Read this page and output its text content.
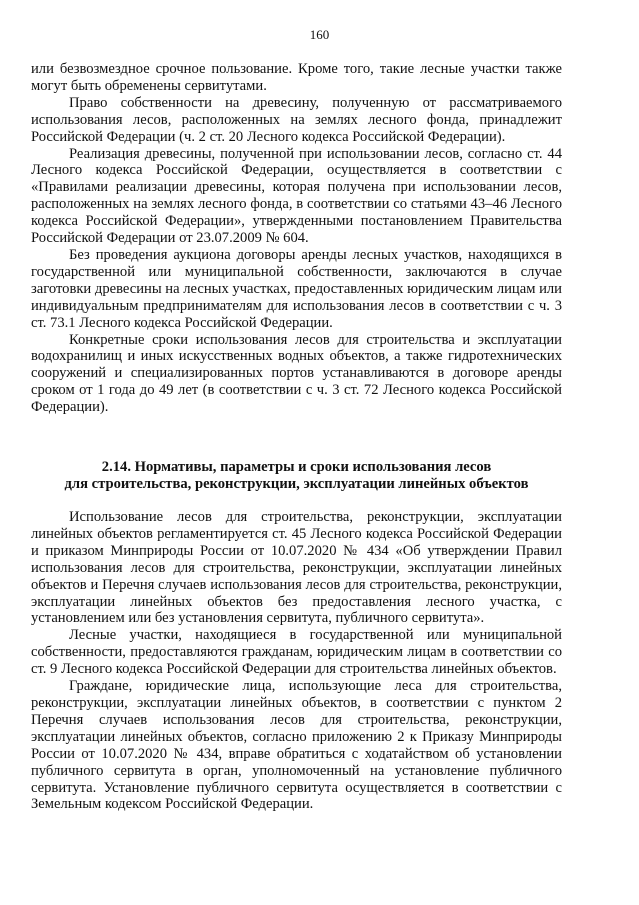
160

или безвозмездное срочное пользование. Кроме того, такие лесные участки также могут быть обременены сервитутами.

Право собственности на древесину, полученную от рассматриваемого использования лесов, расположенных на землях лесного фонда, принадлежит Российской Федерации (ч. 2 ст. 20 Лесного кодекса Российской Федерации).

Реализация древесины, полученной при использовании лесов, согласно ст. 44 Лесного кодекса Российской Федерации, осуществляется в соответствии с «Правилами реализации древесины, которая получена при использовании лесов, расположенных на землях лесного фонда, в соответствии со статьями 43–46 Лесного кодекса Российской Федерации», утвержденными постановлением Правительства Российской Федерации от 23.07.2009 № 604.

Без проведения аукциона договоры аренды лесных участков, находящихся в государственной или муниципальной собственности, заключаются в случае заготовки древесины на лесных участках, предоставленных юридическим лицам или индивидуальным предпринимателям для использования лесов в соответствии с ч. 3 ст. 73.1 Лесного кодекса Российской Федерации.

Конкретные сроки использования лесов для строительства и эксплуатации водохранилищ и иных искусственных водных объектов, а также гидротехнических сооружений и специализированных портов устанавливаются в договоре аренды сроком от 1 года до 49 лет (в соответствии с ч. 3 ст. 72 Лесного кодекса Российской Федерации).

2.14. Нормативы, параметры и сроки использования лесов
для строительства, реконструкции, эксплуатации линейных объектов

Использование лесов для строительства, реконструкции, эксплуатации линейных объектов регламентируется ст. 45 Лесного кодекса Российской Федерации и приказом Минприроды России от 10.07.2020 № 434 «Об утверждении Правил использования лесов для строительства, реконструкции, эксплуатации линейных объектов и Перечня случаев использования лесов для строительства, реконструкции, эксплуатации линейных объектов без предоставления лесного участка, с установлением или без установления сервитута, публичного сервитута».

Лесные участки, находящиеся в государственной или муниципальной собственности, предоставляются гражданам, юридическим лицам в соответствии со ст. 9 Лесного кодекса Российской Федерации для строительства линейных объектов.

Граждане, юридические лица, использующие леса для строительства, реконструкции, эксплуатации линейных объектов, в соответствии с пунктом 2 Перечня случаев использования лесов для строительства, реконструкции, эксплуатации линейных объектов, согласно приложению 2 к Приказу Минприроды России от 10.07.2020 № 434, вправе обратиться с ходатайством об установлении публичного сервитута в орган, уполномоченный на установление публичного сервитута. Установление публичного сервитута осуществляется в соответствии с Земельным кодексом Российской Федерации.
